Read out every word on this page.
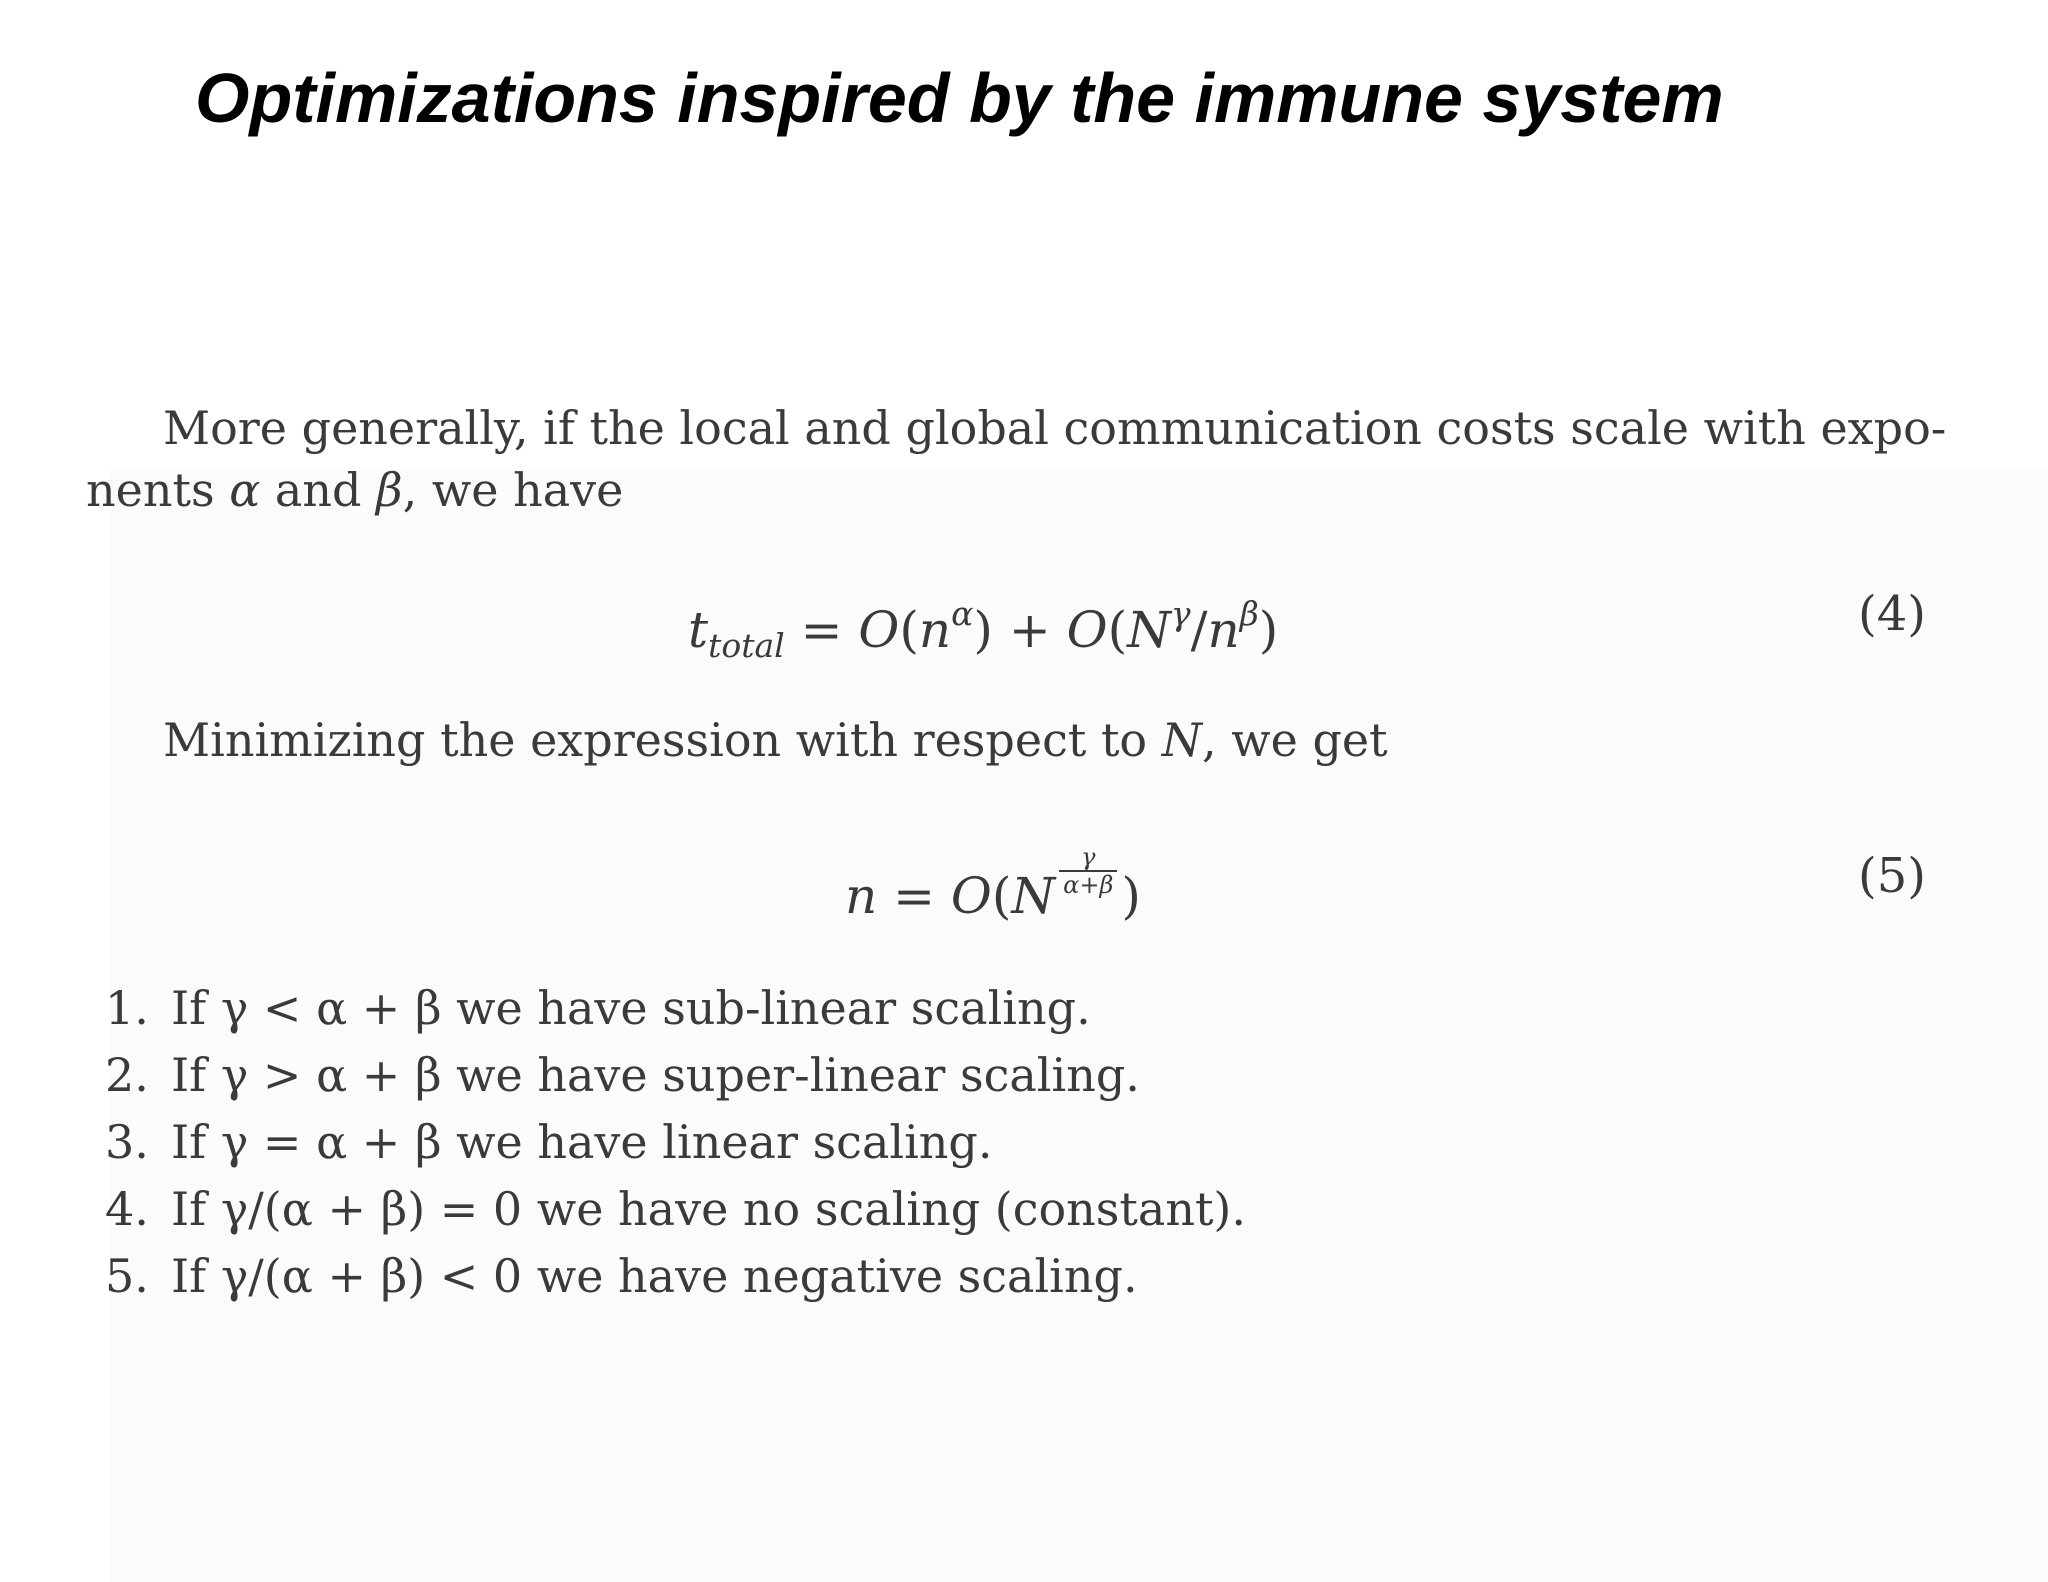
Optimizations inspired by the immune system

More generally, if the local and global communication costs scale with expo-

nents α and β, we have

$t_{total} = O(n^\alpha) + O(N^\gamma/n^\beta)$	(4)

Minimizing the expression with respect to N, we get

$n = O(N \frac{\gamma}{\alpha+\beta}$ )	(5)
1. If γ < α + β we have sub-linear scaling.
2. If γ > α + β we have super-linear scaling.
3. If γ = α + β we have linear scaling.
4. If γ/(α + β) = 0 we have no scaling (constant).
5. If γ/(α + β) < 0 we have negative scaling.
